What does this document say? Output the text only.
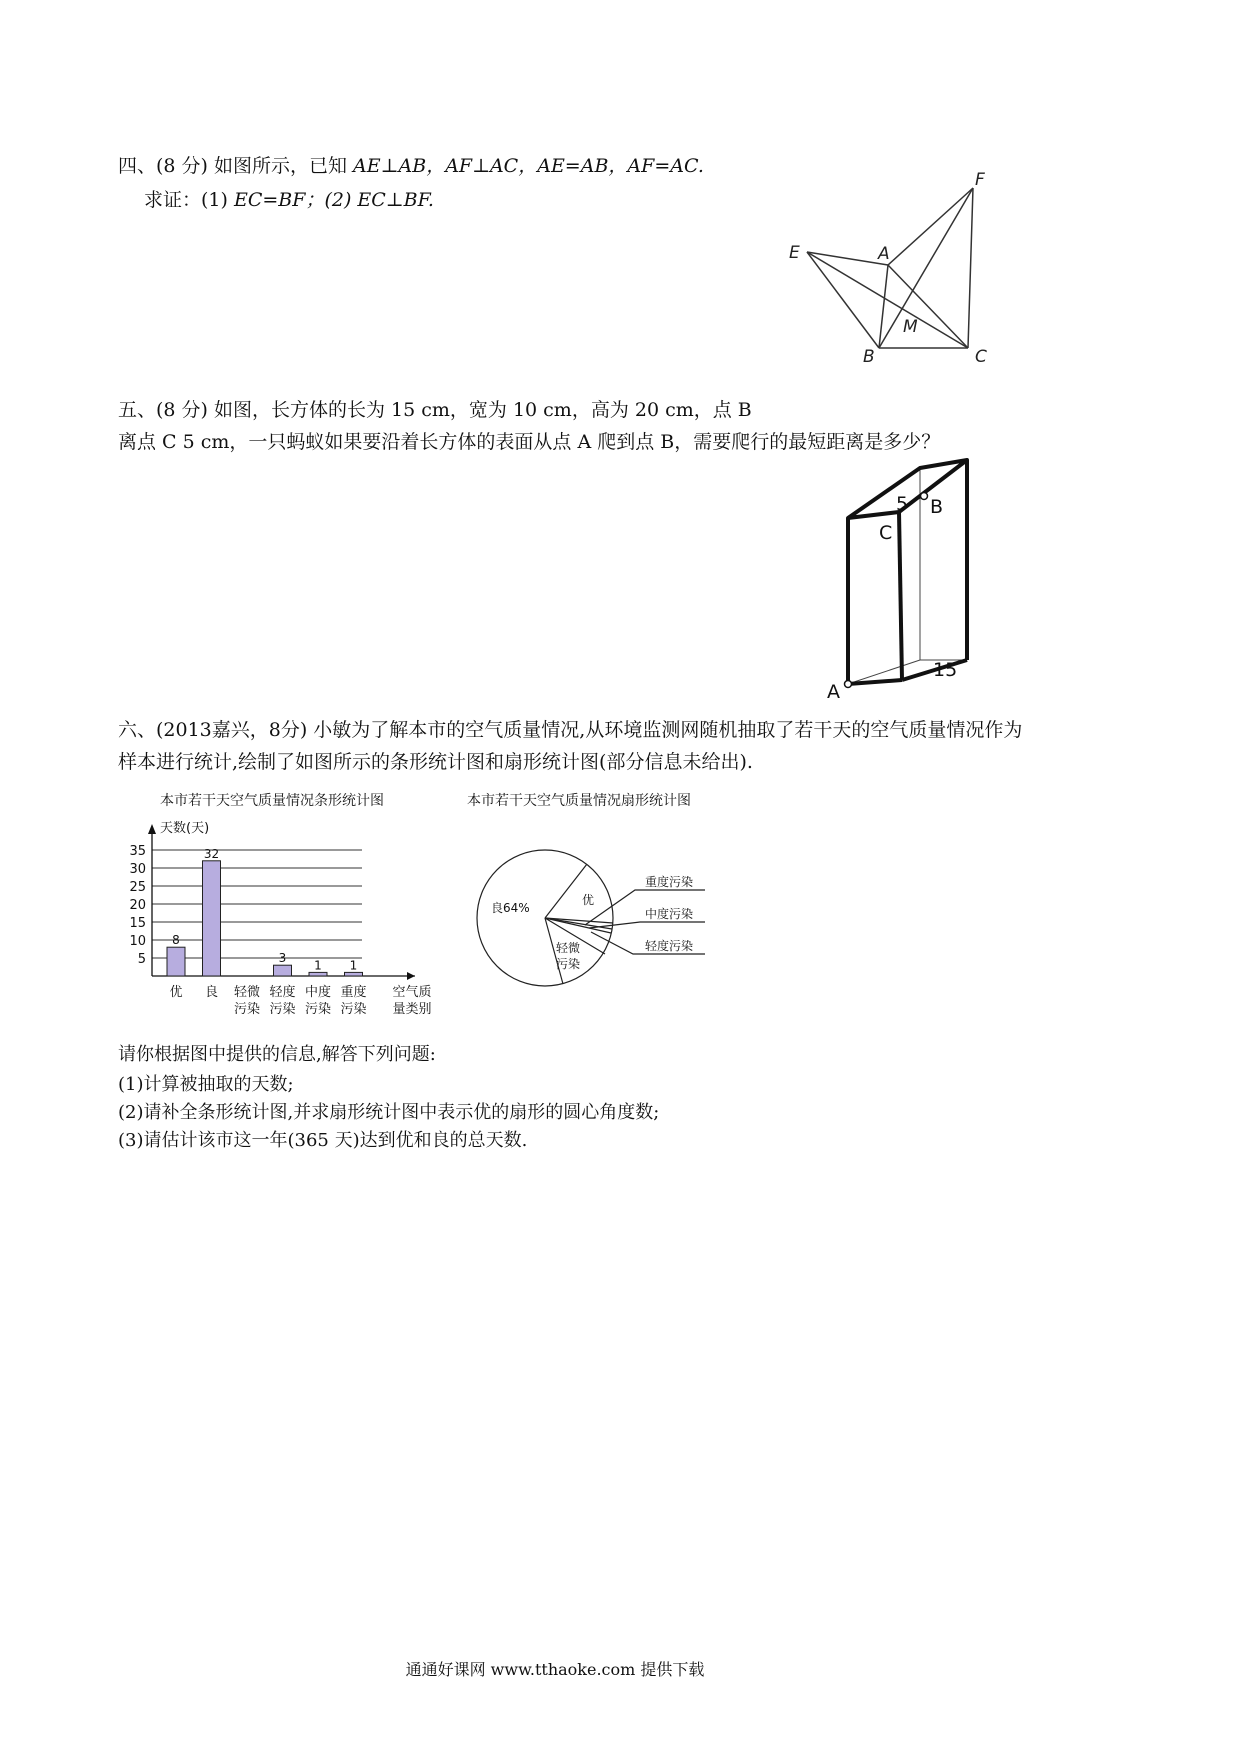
四、(8 分) 如图所示，已知 AE⊥AB，AF⊥AC，AE=AB，AF=AC.
求证：(1) EC=BF；(2) EC⊥BF.
E	A
F
M
B	C
五、(8 分) 如图，长方体的长为 15 cm，宽为 10 cm，高为 20 cm，点 B
离点 C 5 cm，一只蚂蚁如果要沿着长方体的表面从点 A 爬到点 B，需要爬行的最短距离是多少？
5 B
C
15
A
六、(2013嘉兴，8分) 小敏为了解本市的空气质量情况,从环境监测网随机抽取了若干天的空气质量情况作为
样本进行统计,绘制了如图所示的条形统计图和扇形统计图(部分信息未给出).
本市若干天空气质量情况条形统计图
5
10
15
20
25
30
35
天数(天)
8
优
32
良 轻微
污染
3
轻度
污染
1
中度
污染
1
重度
污染
空气质
量类别
本市若干天空气质量情况扇形统计图
良64%
优
重度污染
中度污染
轻度污染
轻微
污染
请你根据图中提供的信息,解答下列问题:
(1)计算被抽取的天数;
(2)请补全条形统计图,并求扇形统计图中表示优的扇形的圆心角度数;
(3)请估计该市这一年(365 天)达到优和良的总天数.
通通好课网 www.tthaoke.com 提供下载
